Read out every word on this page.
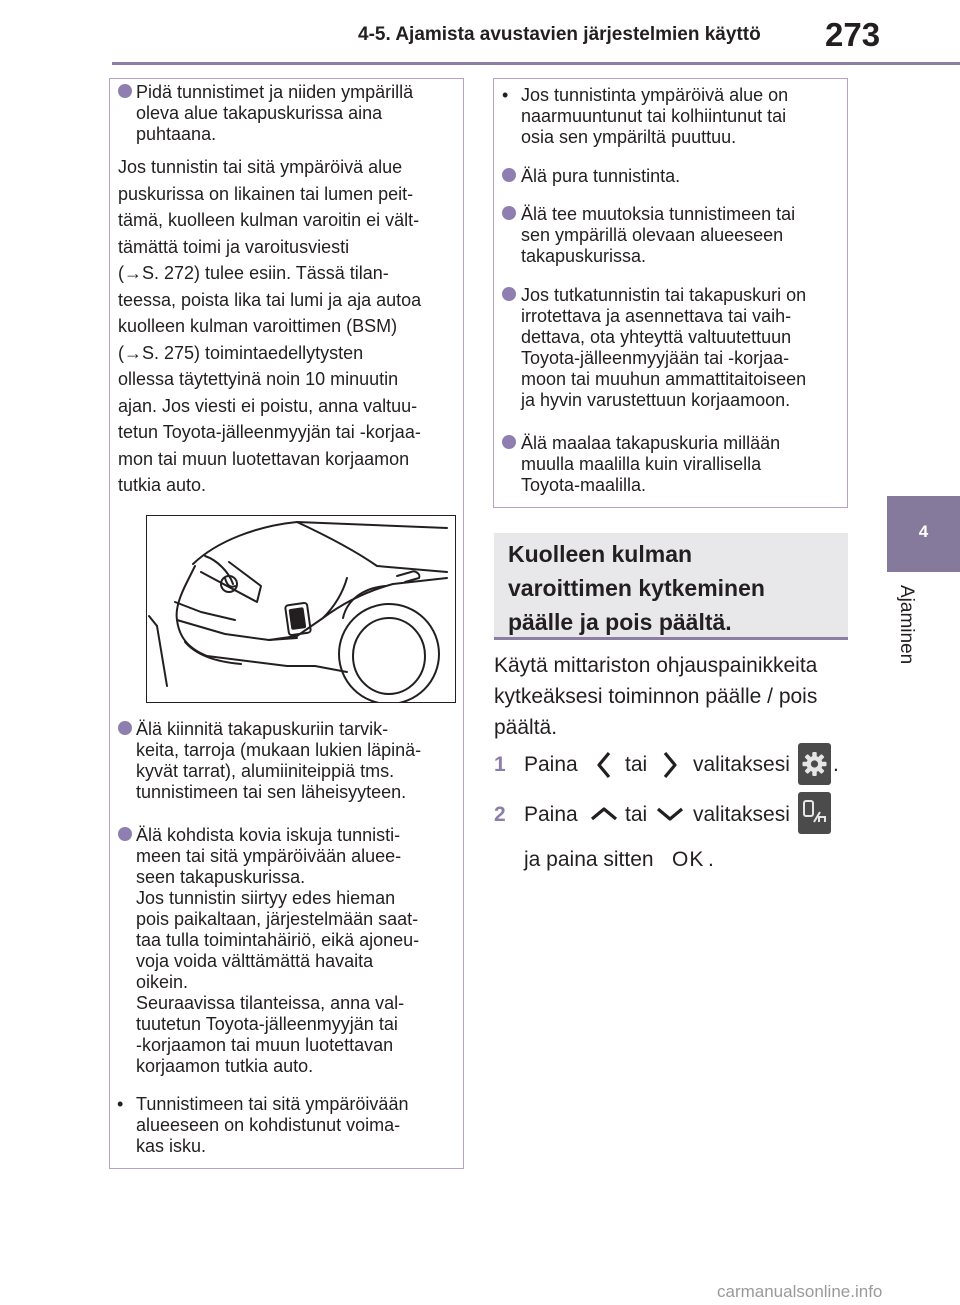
4-5. Ajamista avustavien järjestelmien käyttö 273
4
Ajaminen
Pidä tunnistimet ja niiden ympärillä
oleva alue takapuskurissa aina
puhtaana.
Jos tunnistin tai sitä ympäröivä alue
puskurissa on likainen tai lumen peit-
tämä, kuolleen kulman varoitin ei vält-
tämättä toimi ja varoitusviesti
(→S. 272) tulee esiin. Tässä tilan-
teessa, poista lika tai lumi ja aja autoa
kuolleen kulman varoittimen (BSM)
(→S. 275) toimintaedellytysten
ollessa täytettyinä noin 10 minuutin
ajan. Jos viesti ei poistu, anna valtuu-
tetun Toyota-jälleenmyyjän tai -korjaa-
mon tai muun luotettavan korjaamon
tutkia auto.
Älä kiinnitä takapuskuriin tarvik-
keita, tarroja (mukaan lukien läpinä-
kyvät tarrat), alumiiniteippiä tms.
tunnistimeen tai sen läheisyyteen.
Älä kohdista kovia iskuja tunnisti-
meen tai sitä ympäröivään aluee-
seen takapuskurissa.
Jos tunnistin siirtyy edes hieman
pois paikaltaan, järjestelmään saat-
taa tulla toimintahäiriö, eikä ajoneu-
voja voida välttämättä havaita
oikein.
Seuraavissa tilanteissa, anna val-
tuutetun Toyota-jälleenmyyjän tai
-korjaamon tai muun luotettavan
korjaamon tutkia auto.
• Tunnistimeen tai sitä ympäröivään
alueeseen on kohdistunut voima-
kas isku.
• Jos tunnistinta ympäröivä alue on
naarmuuntunut tai kolhiintunut tai
osia sen ympäriltä puuttuu.
Älä pura tunnistinta.
Älä tee muutoksia tunnistimeen tai
sen ympärillä olevaan alueeseen
takapuskurissa.
Jos tutkatunnistin tai takapuskuri on
irrotettava ja asennettava tai vaih-
dettava, ota yhteyttä valtuutettuun
Toyota-jälleenmyyjään tai -korjaa-
moon tai muuhun ammattitaitoiseen
ja hyvin varustettuun korjaamoon.
Älä maalaa takapuskuria millään
muulla maalilla kuin virallisella
Toyota-maalilla.
Kuolleen kulman
varoittimen kytkeminen
päälle ja pois päältä.
Käytä mittariston ohjauspainikkeita
kytkeäksesi toiminnon päälle / pois
päältä.
1 Paina tai valitaksesi .
2 Paina tai valitaksesi
ja paina sitten OK .
carmanualsonline.info
